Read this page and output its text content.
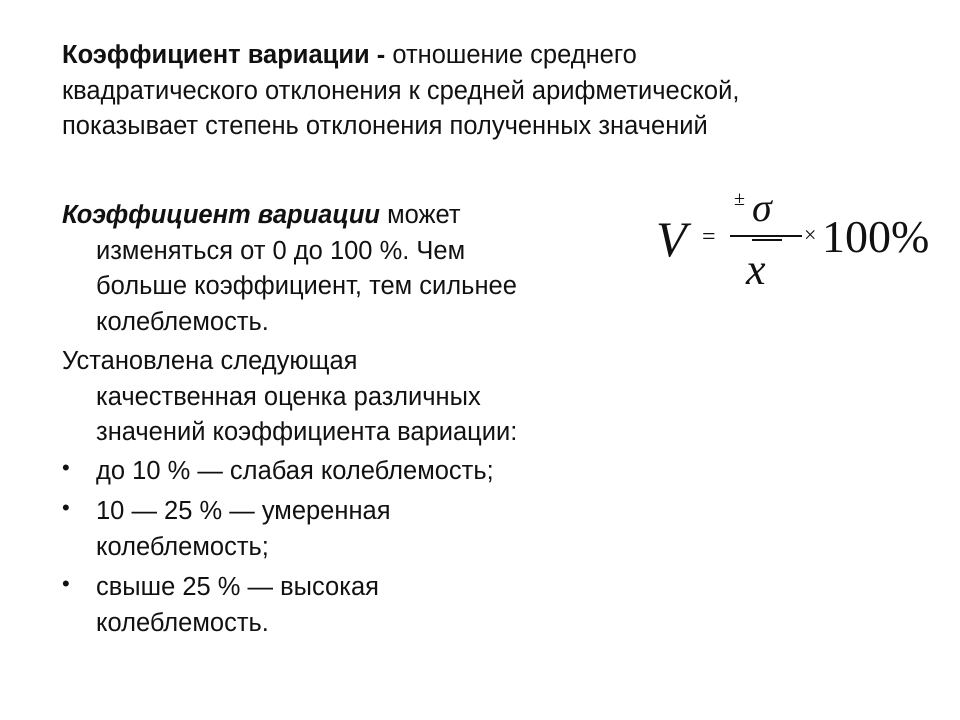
Коэффициент вариации - отношение среднего квадратического отклонения к средней арифметической, показывает степень отклонения полученных значений
Коэффициент вариации может
изменяться от 0 до 100 %. Чем
больше коэффициент, тем сильнее
колеблемость.
Установлена следующая
качественная оценка различных
значений коэффициента вариации:
•	до 10 % — слабая колеблемость;
•	10 — 25 % — умеренная
колеблемость;
•	свыше 25 % — высокая
колеблемость.
V =
± σ
x
× 100%
